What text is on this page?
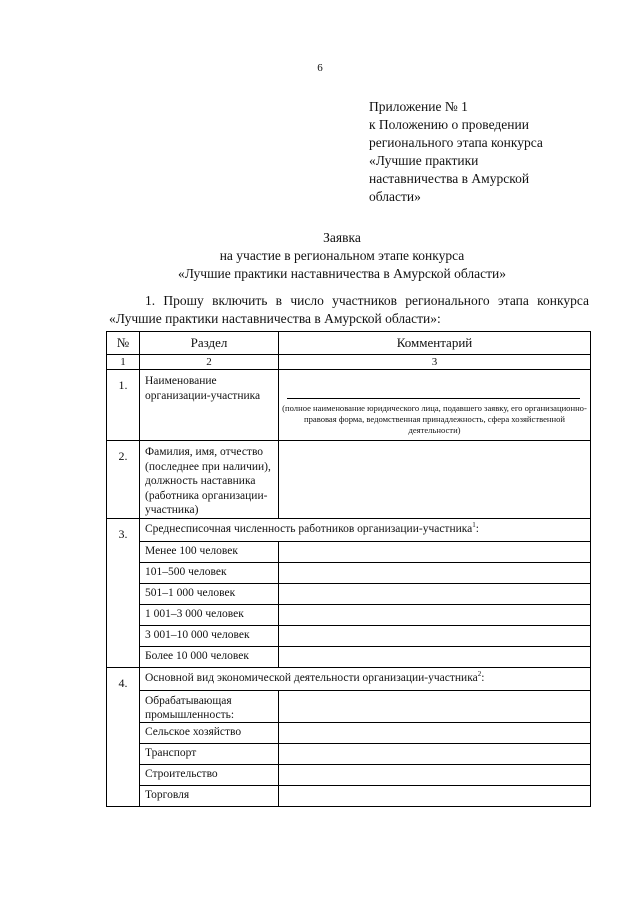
6
Приложение № 1
к Положению о проведении
регионального этапа конкурса
«Лучшие практики
наставничества в Амурской
области»
Заявка
на участие в региональном этапе конкурса
«Лучшие практики наставничества в Амурской области»
1. Прошу включить в число участников регионального этапа конкурса
«Лучшие практики наставничества в Амурской области»:
№	Раздел	Комментарий
1	2	3
1.	Наименование организации-участника	(полное наименование юридического лица, подавшего заявку, его организационно-правовая форма, ведомственная принадлежность, сфера хозяйственной деятельности)

2.	Фамилия, имя, отчество (последнее при наличии), должность наставника (работника организации-участника)	
3.	Среднесписочная численность работников организации-участника$^1$:	
	Менее 100 человек	
	101–500 человек	
	501–1 000 человек	
	1 001–3 000 человек	
	3 001–10 000 человек	
	Более 10 000 человек	
4.	Основной вид экономической деятельности организации-участника$^2$:	
	Обрабатывающая промышленность:	
	Сельское хозяйство	
	Транспорт	
	Строительство	
	Торговля	
